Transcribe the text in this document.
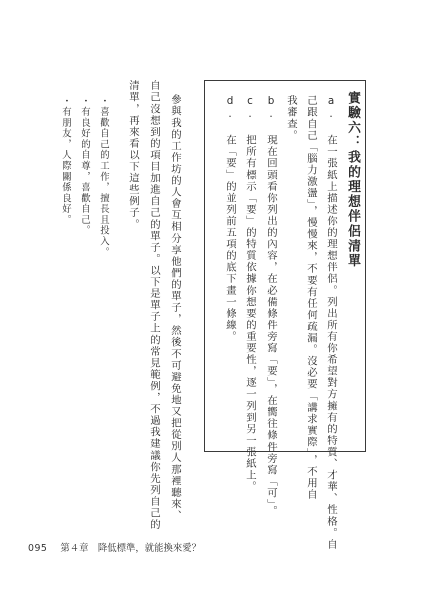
實驗六：我的理想伴侶清單

a. 在一張紙上描述你的理想伴侶。列出所有你希望對方擁有的特質、才華、性格。自

己跟自己「腦力激盪」，慢慢來，不要有任何疏漏。沒必要「講求實際」，不用自

我審查。

b. 現在回頭看你列出的內容，在必備條件旁寫「要」，在嚮往條件旁寫「可」。

c. 把所有標示「要」的特質依據你想要的重要性，逐一列到另一張紙上。

d. 在「要」的並列前五項的底下畫一條線。

參與我的工作坊的人會互相分享他們的單子，然後不可避免地又把從別人那裡聽來、

自己沒想到的項目加進自己的單子。以下是單子上的常見範例，不過我建議你先列自己的

清單，再來看以下這些例子。

・喜歡自己的工作，擅長且投入。

・有良好的自尊，喜歡自己。

・有朋友，人際關係良好。

095 第４章　降低標準，就能換來愛？
